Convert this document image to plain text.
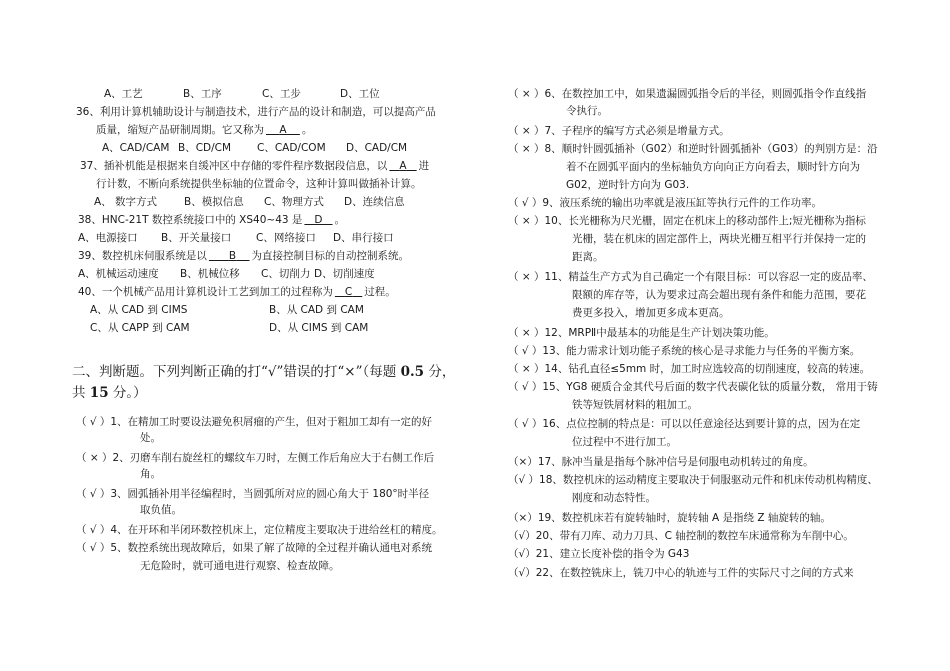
A、工艺	B、工序	C、工步	D、工位
36、利用计算机辅助设计与制造技术，进行产品的设计和制造，可以提高产品
质量，缩短产品研制周期。它又称为 A 。
A、CAD/CAM B、CD/CM C、CAD/COM D、CAD/CM
37、插补机能是根据来自缓冲区中存储的零件程序数据段信息，以 A 进
行计数，不断向系统提供坐标轴的位置命令，这种计算叫做插补计算。
A、 数字方式	B、模拟信息 C、物理方式 D、连续信息
38、HNC-21T 数控系统接口中的 XS40~43 是 D 。
A、电源接口 B、开关量接口 C、网络接口 D、串行接口
39、数控机床伺服系统是以 B 为直接控制目标的自动控制系统。
A、机械运动速度 B、机械位移 C、切削力 D、切削速度
40、一个机械产品用计算机设计工艺到加工的过程称为 C 过程。
A、从 CAD 到 CIMS	B、从 CAD 到 CAM
C、从 CAPP 到 CAM	D、从 CIMS 到 CAM
二、判断题。下列判断正确的打“√”错误的打“×”（每题 0.5 分，
共 15 分。）
（ √ ）1、在精加工时要设法避免积屑瘤的产生，但对于粗加工却有一定的好
处。
（ × ）2、刃磨车削右旋丝杠的螺纹车刀时，左侧工作后角应大于右侧工作后
角。
（ √ ）3、圆弧插补用半径编程时，当圆弧所对应的圆心角大于 180°时半径
取负值。
（ √ ）4、在开环和半闭环数控机床上，定位精度主要取决于进给丝杠的精度。
（ √ ）5、数控系统出现故障后，如果了解了故障的全过程并确认通电对系统
无危险时，就可通电进行观察、检查故障。
（ × ）6、在数控加工中，如果遗漏圆弧指令后的半径，则圆弧指令作直线指
令执行。
（ × ）7、子程序的编写方式必须是增量方式。
（ × ）8、顺时针圆弧插补（G02）和逆时针圆弧插补（G03）的判别方是：沿
着不在圆弧平面内的坐标轴负方向向正方向看去，顺时针方向为
G02，逆时针方向为 G03.
（ √ ）9、液压系统的输出功率就是液压缸等执行元件的工作功率。
（ × ）10、长光栅称为尺光栅，固定在机床上的移动部件上;短光栅称为指标
光栅，装在机床的固定部件上，两块光栅互相平行并保持一定的
距离。
（ × ）11、精益生产方式为自己确定一个有限目标：可以容忍一定的废品率、
限额的库存等，认为要求过高会超出现有条件和能力范围，要花
费更多投入，增加更多成本更高。
（ × ）12、MRPⅡ中最基本的功能是生产计划决策功能。
（ √ ）13、能力需求计划功能子系统的核心是寻求能力与任务的平衡方案。
（ × ）14、钻孔直径≤5mm 时，加工时应选较高的切削速度，较高的转速。
（ √ ）15、YG8 硬质合金其代号后面的数字代表碳化钛的质量分数， 常用于铸
铁等短铁屑材料的粗加工。
（ √ ）16、点位控制的特点是：可以以任意途径达到要计算的点，因为在定
位过程中不进行加工。
（×）17、脉冲当量是指每个脉冲信号是伺服电动机转过的角度。
（√ ）18、数控机床的运动精度主要取决于伺服驱动元件和机床传动机构精度、
刚度和动态特性。
（×）19、数控机床若有旋转轴时，旋转轴 A 是指绕 Z 轴旋转的轴。
（√）20、带有刀库、动力刀具、C 轴控制的数控车床通常称为车削中心。
（√）21、建立长度补偿的指令为 G43
（√）22、在数控铣床上，铣刀中心的轨迹与工件的实际尺寸之间的方式来
